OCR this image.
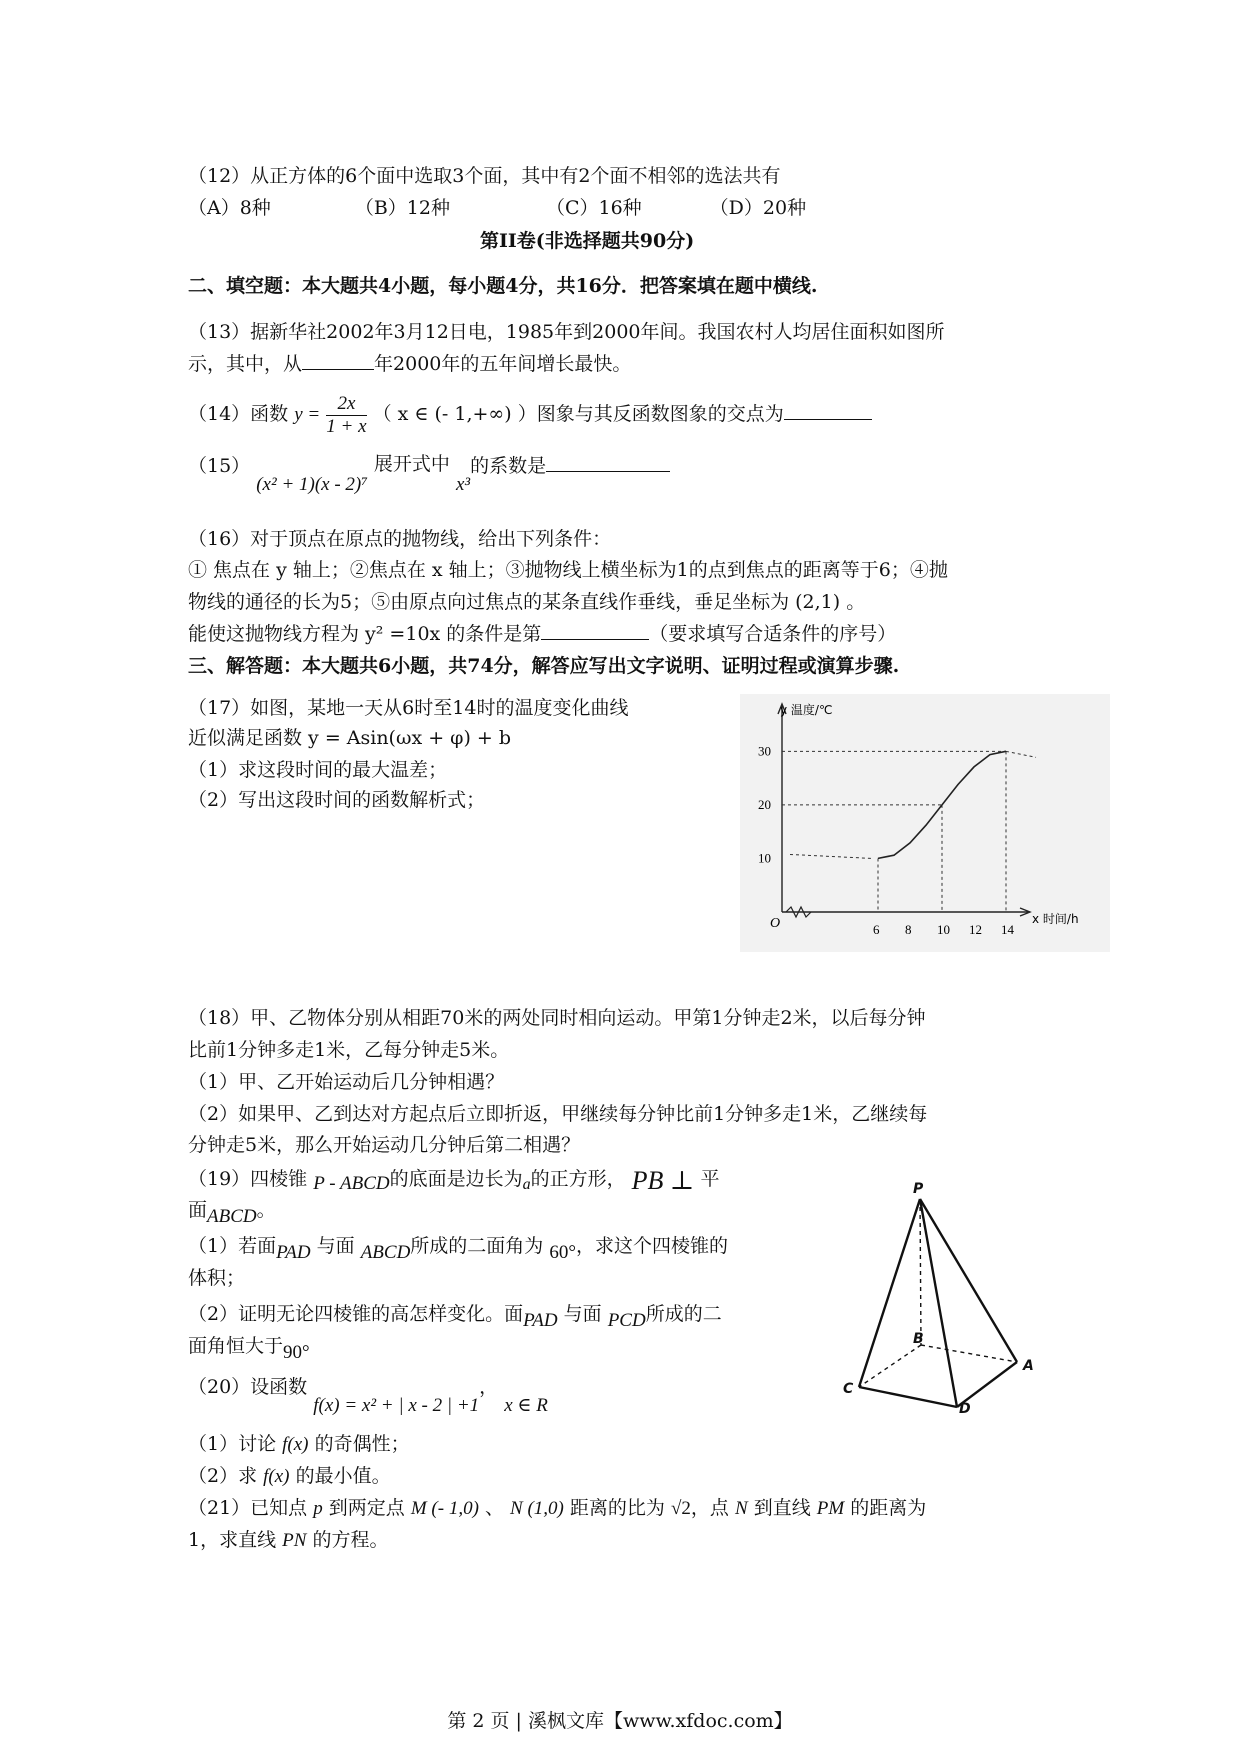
（12）从正方体的6个面中选取3个面，其中有2个面不相邻的选法共有
（A）8种	（B）12种	（C）16种	（D）20种
第II卷(非选择题共90分)
二、填空题：本大题共4小题，每小题4分，共16分．把答案填在题中横线.
（13）据新华社2002年3月12日电，1985年到2000年间。我国农村人均居住面积如图所
示，其中，从	年2000年的五年间增长最快。
（14）函数 $y = \frac{2x}{1 + x}$ （ x ∈ (- 1,+∞) ）图象与其反函数图象的交点为
（15） (x² + 1)(x - 2)⁷ 展开式中 x³的系数是
（16）对于顶点在原点的抛物线，给出下列条件：
① 焦点在 y 轴上；②焦点在 x 轴上；③抛物线上横坐标为1的点到焦点的距离等于6；④抛
物线的通径的长为5；⑤由原点向过焦点的某条直线作垂线，垂足坐标为 (2,1) 。
能使这抛物线方程为 y² =10x 的条件是第	（要求填写合适条件的序号）
三、解答题：本大题共6小题，共74分，解答应写出文字说明、证明过程或演算步骤.
（17）如图，某地一天从6时至14时的温度变化曲线
近似满足函数 y = Asin(ωx + φ) + b
（1）求这段时间的最大温差；
（2）写出这段时间的函数解析式；
6 8 10 12 14
10
20
30
y 温度/℃
x 时间/h
O
（18）甲、乙物体分别从相距70米的两处同时相向运动。甲第1分钟走2米，以后每分钟
比前1分钟多走1米，乙每分钟走5米。
（1）甲、乙开始运动后几分钟相遇？
（2）如果甲、乙到达对方起点后立即折返，甲继续每分钟比前1分钟多走1米，乙继续每
分钟走5米，那么开始运动几分钟后第二相遇？
（19）四棱锥 P - ABCD的底面是边长为$_a$的正方形， PB ⊥ 平
面ABCD。
（1）若面PAD 与面 ABCD所成的二面角为 60°，求这个四棱锥的
体积；
（2）证明无论四棱锥的高怎样变化。面PAD 与面 PCD所成的二
面角恒大于90°
P
A
B
C
D
（20）设函数 f(x) = x² + | x - 2 | +1， x ∈ R
（1）讨论 f(x) 的奇偶性；
（2）求 f(x) 的最小值。
（21）已知点 p 到两定点 M (- 1,0) 、 N (1,0) 距离的比为 √2，点 N 到直线 PM 的距离为
1，求直线 PN 的方程。
第 2 页 | 溪枫文库【www.xfdoc.com】
